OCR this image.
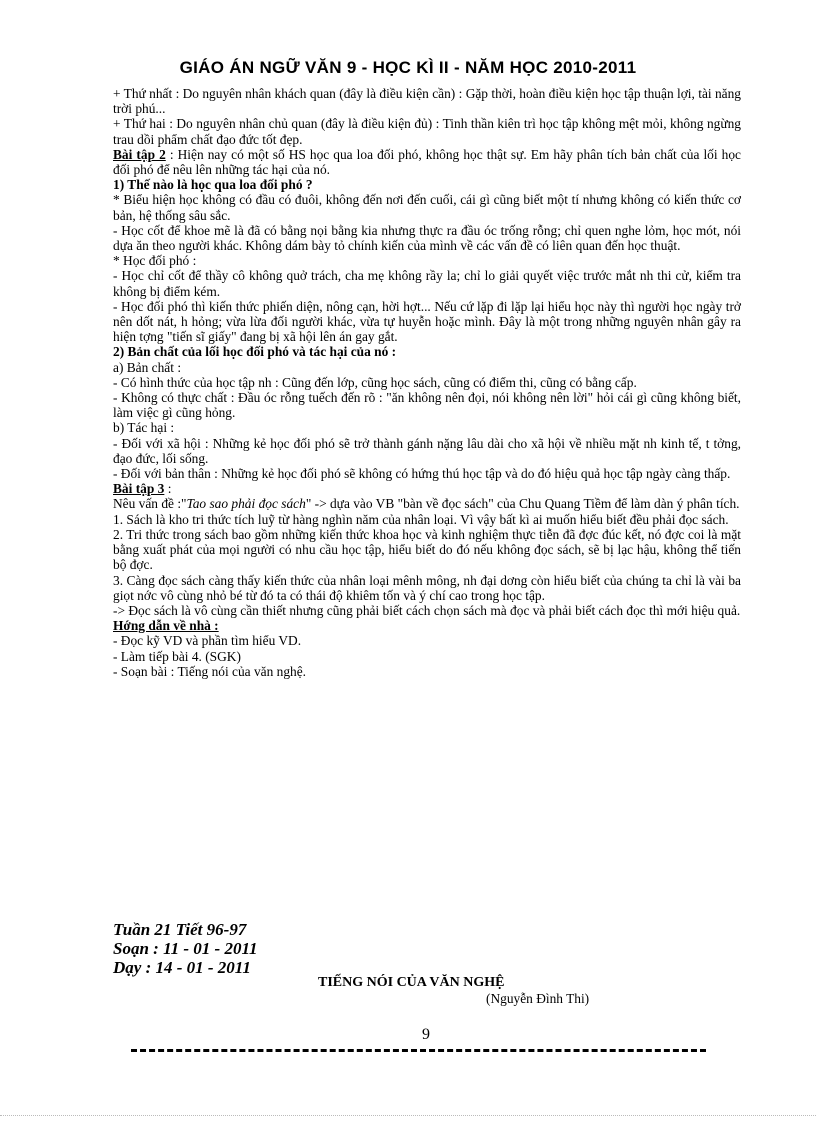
GIÁO ÁN NGỮ VĂN 9 - HỌC KÌ II - NĂM HỌC 2010-2011

+ Thứ nhất : Do nguyên nhân khách quan (đây là điều kiện cần) : Gặp thời, hoàn điều kiện học tập thuận lợi, tài năng trời phú...

+ Thứ hai : Do nguyên nhân chủ quan (đây là điều kiện đủ) : Tinh thần kiên trì học tập không mệt mỏi, không ngừng trau dồi phẩm chất đạo đức tốt đẹp.

Bài tập 2 : Hiện nay có một số HS học qua loa đối phó, không học thật sự. Em hãy phân tích bản chất của lối học đối phó để nêu lên những tác hại của nó.

1) Thế nào là học qua loa đối phó ?

* Biểu hiện học không có đầu có đuôi, không đến nơi đến cuối, cái gì cũng biết một tí nhưng không có kiến thức cơ bản, hệ thống sâu sắc.

- Học cốt để khoe mẽ là đã có bằng nọi bằng kia nhưng thực ra đầu óc trống rỗng; chỉ quen nghe lỏm, học mót, nói dựa ăn theo người khác. Không dám bày tỏ chính kiến của mình về các vấn đề có liên quan đến học thuật.

* Học đối phó :

- Học chỉ cốt để thầy cô không quở trách, cha mẹ không rầy la; chỉ lo giải quyết việc trước mắt nh thi cử, kiểm tra không bị điểm kém.

- Học đối phó thì kiến thức phiến diện, nông cạn, hời hợt... Nếu cứ lặp đi lặp lại hiểu học này thì người học ngày trở nên dốt nát, h hỏng; vừa lừa đối người khác, vừa tự huyễn hoặc mình. Đây là một trong những nguyên nhân gây ra hiện tợng "tiến sĩ giấy" đang bị xã hội lên án gay gắt.

2) Bản chất của lối học đối phó và tác hại của nó :

a) Bản chất :

- Có hình thức của học tập nh : Cũng đến lớp, cũng học sách, cũng có điểm thi, cũng có bằng cấp.

- Không có thực chất : Đầu óc rỗng tuếch đến rõ : "ăn không nên đọi, nói không nên lời" hỏi cái gì cũng không biết, làm việc gì cũng hỏng.

b) Tác hại :

- Đối với xã hội : Những kẻ học đối phó sẽ trở thành gánh nặng lâu dài cho xã hội về nhiều mặt nh kinh tế, t tởng, đạo đức, lối sống.

- Đối với bản thân : Những kẻ học đối phó sẽ không có hứng thú học tập và do đó hiệu quả học tập ngày càng thấp.

Bài tập 3 :

Nêu vấn đề :"Tao sao phải đọc sách" -> dựa vào VB "bàn về đọc sách" của Chu Quang Tiềm để làm dàn ý phân tích.

1. Sách là kho tri thức tích luỹ từ hàng nghìn năm của nhân loại. Vì vậy bất kì ai muốn hiểu biết đều phải đọc sách.

2. Tri thức trong sách bao gồm những kiến thức khoa học và kinh nghiệm thực tiễn đã đợc đúc kết, nó đợc coi là mặt bằng xuất phát của mọi người có nhu cầu học tập, hiểu biết do đó nếu không đọc sách, sẽ bị lạc hậu, không thể tiến bộ đợc.

3. Càng đọc sách càng thấy kiến thức của nhân loại mênh mông, nh đại dơng còn hiểu biết của chúng ta chỉ là vài ba giọt nớc vô cùng nhỏ bé từ đó ta có thái độ khiêm tốn và ý chí cao trong học tập.

-> Đọc sách là vô cùng cần thiết nhưng cũng phải biết cách chọn sách mà đọc và phải biết cách đọc thì mới hiệu quả.

Hớng dẫn về nhà :

- Đọc kỹ VD và phần tìm hiểu VD.

- Làm tiếp bài 4. (SGK)

- Soạn bài : Tiếng nói của văn nghệ.

Tuần 21 Tiết 96-97
Soạn : 11 - 01 - 2011
Dạy : 14 - 01 - 2011
TIẾNG NÓI CỦA VĂN NGHỆ
(Nguyễn Đình Thi)
9
